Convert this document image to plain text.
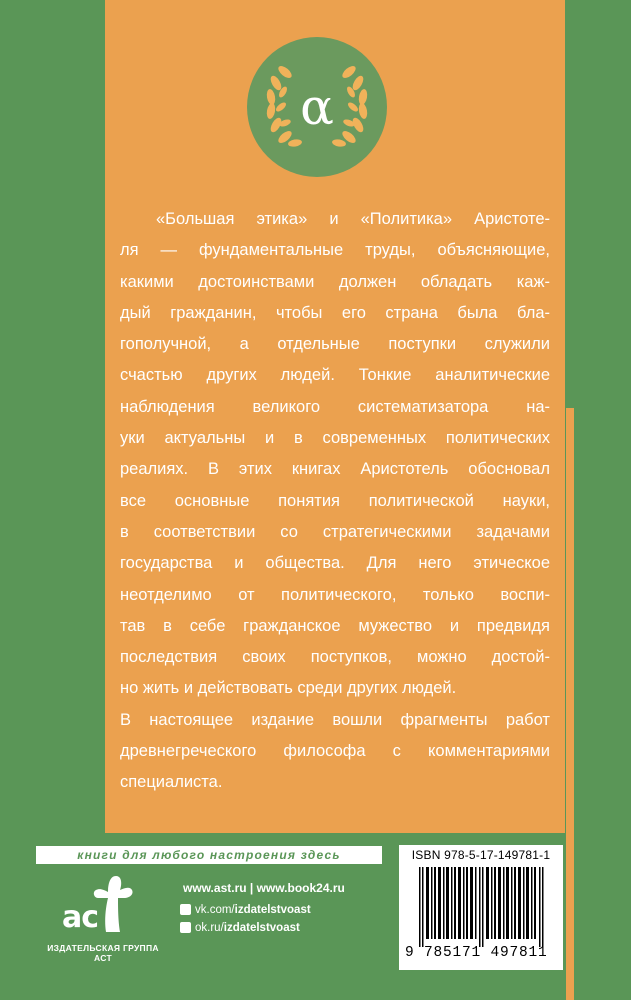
α
«Большая этика» и «Политика» Аристоте-
ля — фундаментальные труды, объясняющие,
какими достоинствами должен обладать каж-
дый гражданин, чтобы его страна была бла-
гополучной, а отдельные поступки служили
счастью других людей. Тонкие аналитические
наблюдения великого систематизатора на-
уки актуальны и в современных политических
реалиях. В этих книгах Аристотель обосновал
все основные понятия политической науки,
в соответствии со стратегическими задачами
государства и общества. Для него этическое
неотделимо от политического, только воспи-
тав в себе гражданское мужество и предвидя
последствия своих поступков, можно достой-
но жить и действовать среди других людей.
В настоящее издание вошли фрагменты работ
древнегреческого философа с комментариями
специалиста.
книги для любого настроения здесь
ac
ИЗДАТЕЛЬСКАЯ ГРУППА АСТ
www.ast.ru | www.book24.ru
vk.com/izdatelstvoast
ok.ru/izdatelstvoast
ISBN 978-5-17-149781-1
9 785171 497811
